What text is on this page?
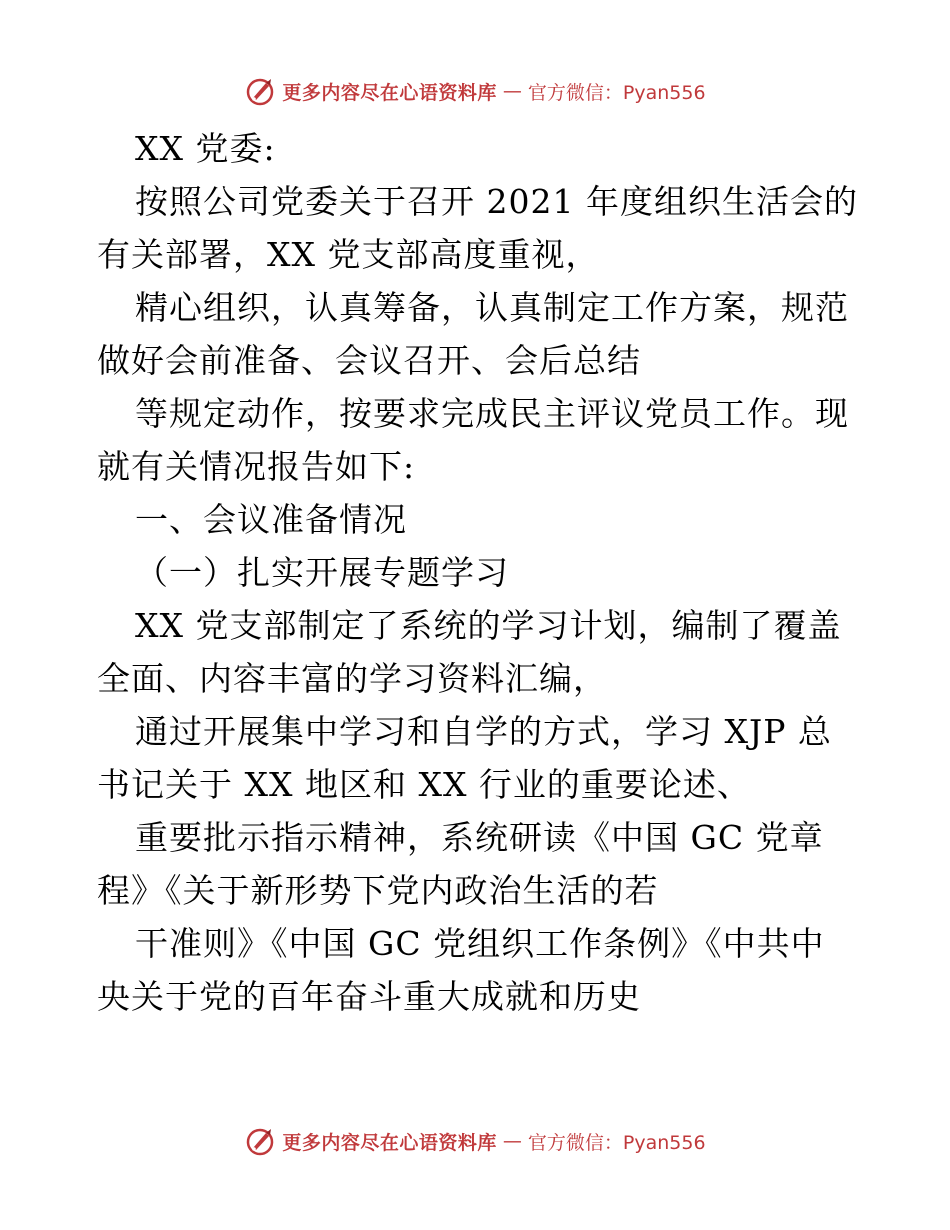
更多内容尽在心语资料库 — 官方微信：Pyan556
XX 党委:
按照公司党委关于召开 2021 年度组织生活会的
有关部署，XX 党支部高度重视，
精心组织，认真筹备，认真制定工作方案，规范
做好会前准备、会议召开、会后总结
等规定动作，按要求完成民主评议党员工作。现
就有关情况报告如下:
一、会议准备情况
（一）扎实开展专题学习
XX 党支部制定了系统的学习计划，编制了覆盖
全面、内容丰富的学习资料汇编，
通过开展集中学习和自学的方式，学习 XJP 总
书记关于 XX 地区和 XX 行业的重要论述、
重要批示指示精神，系统研读《中国 GC 党章
程》《关于新形势下党内政治生活的若
干准则》《中国 GC 党组织工作条例》《中共中
央关于党的百年奋斗重大成就和历史
更多内容尽在心语资料库 — 官方微信：Pyan556
